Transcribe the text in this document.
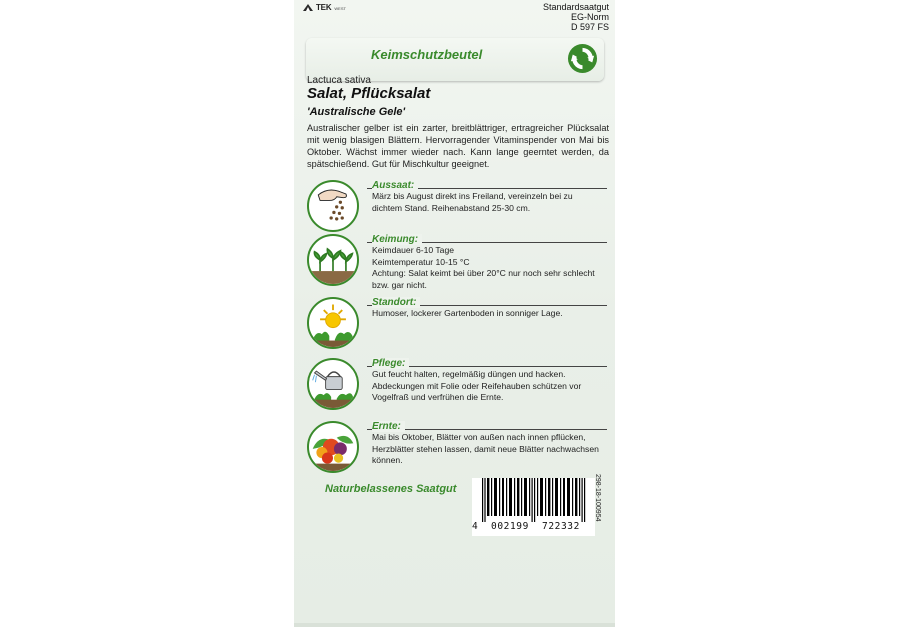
TEK WEST	Standardsaatgut
EG-Norm
D 597 FS
Keimschutzbeutel
Lactuca sativa
Salat, Pflücksalat
'Australische Gele'

Australischer gelber ist ein zarter, breitblättriger, ertragreicher Plücksalat mit wenig blasigen Blättern. Hervorragender Vitaminspender von Mai bis Oktober. Wächst immer wieder nach. Kann lange geerntet werden, da spätschießend. Gut für Mischkultur geeignet.

Aussaat:

März bis August direkt ins Freiland, vereinzeln bei zu dichtem Stand. Reihenabstand 25-30 cm.

Keimung:

Keimdauer 6-10 Tage
Keimtemperatur 10-15 °C
Achtung: Salat keimt bei über 20°C nur noch sehr schlecht bzw. gar nicht.

Standort:

Humoser, lockerer Gartenboden in sonniger Lage.

Pflege:

Gut feucht halten, regelmäßig düngen und hacken. Abdeckungen mit Folie oder Reifehauben schützen vor Vogelfraß und verfrühen die Ernte.

Ernte:

Mai bis Oktober, Blätter von außen nach innen pflücken, Herzblätter stehen lassen, damit neue Blätter nachwachsen können.

Naturbelassenes Saatgut
4 002199 722332
298-18-100954
